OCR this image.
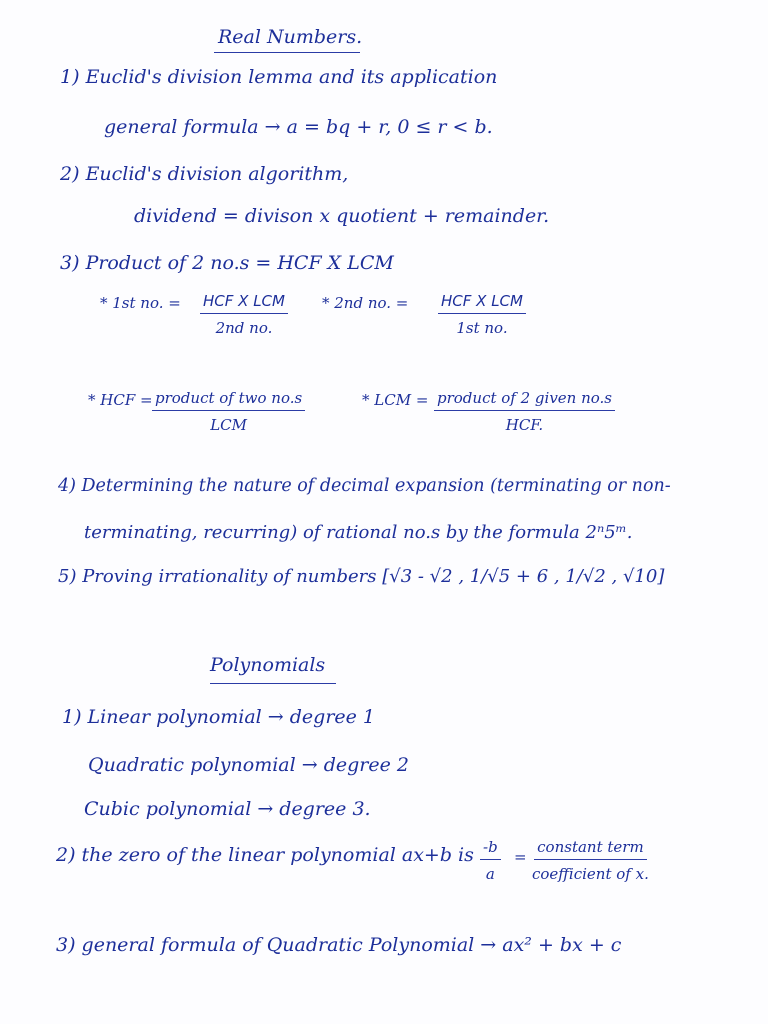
Real Numbers.
1) Euclid's division lemma and its application
general formula → a = bq + r, 0 ≤ r < b.
2) Euclid's division algorithm,
dividend = divison x quotient + remainder.
3) Product of 2 no.s = HCF X LCM
* 1st no. = HCF X LCM
2nd no.
* 2nd no. = HCF X LCM
1st no.
* HCF = product of two no.s
LCM
* LCM = product of 2 given no.s
HCF.
4) Determining the nature of decimal expansion (terminating or non-
terminating, recurring) of rational no.s by the formula 2ⁿ5ᵐ.
5) Proving irrationality of numbers [√3 - √2 , 1/√5 + 6 , 1/√2 , √10]
Polynomials
1) Linear polynomial → degree 1
Quadratic polynomial → degree 2
Cubic polynomial → degree 3.
2) the zero of the linear polynomial ax+b is $\frac{-b}{a}$ =
constant term
coefficient of x.
3) general formula of Quadratic Polynomial → ax² + bx + c
